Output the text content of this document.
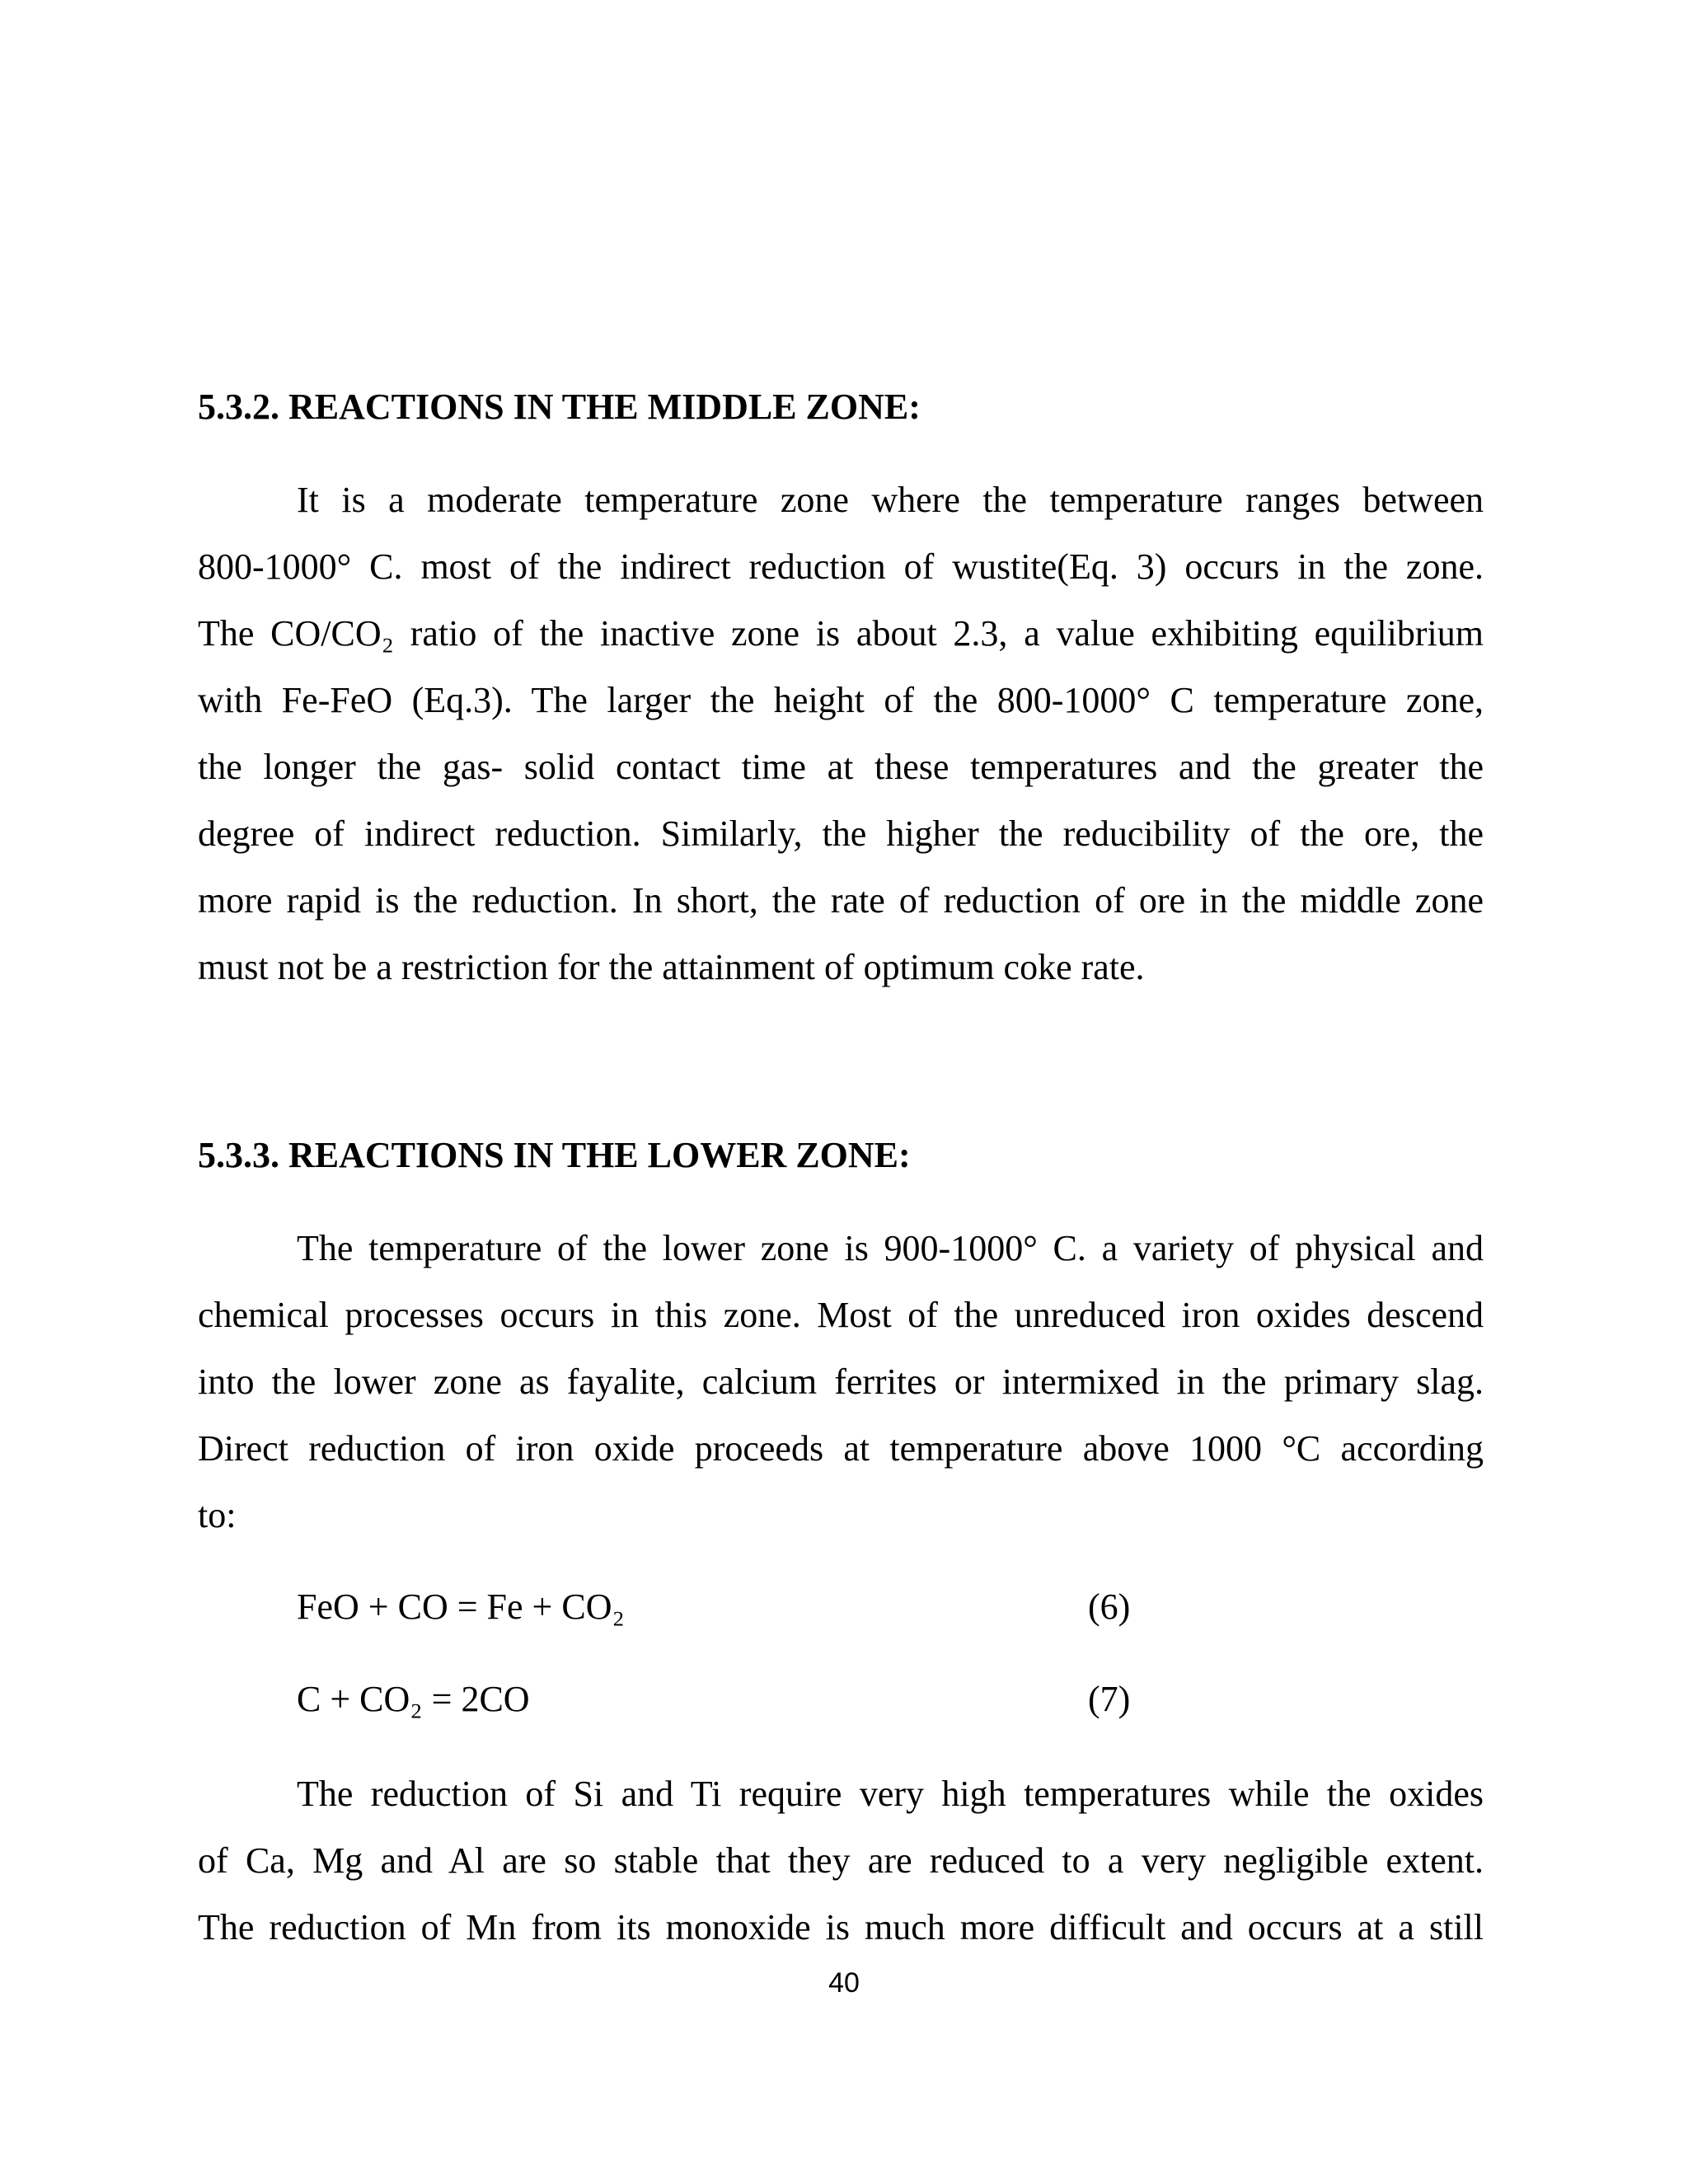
5.3.2. REACTIONS IN THE MIDDLE ZONE:

It is a moderate temperature zone where the temperature ranges between
800-1000° C. most of the indirect reduction of wustite(Eq. 3) occurs in the zone.
The CO/CO₂ ratio of the inactive zone is about 2.3, a value exhibiting equilibrium
with Fe-FeO (Eq.3). The larger the height of the 800-1000° C temperature zone,
the longer the gas- solid contact time at these temperatures and the greater the
degree of indirect reduction. Similarly, the higher the reducibility of the ore, the
more rapid is the reduction. In short, the rate of reduction of ore in the middle zone
must not be a restriction for the attainment of optimum coke rate.

5.3.3. REACTIONS IN THE LOWER ZONE:

The temperature of the lower zone is 900-1000° C. a variety of physical and
chemical processes occurs in this zone. Most of the unreduced iron oxides descend
into the lower zone as fayalite, calcium ferrites or intermixed in the primary slag.
Direct reduction of iron oxide proceeds at temperature above 1000 °C according
to:

FeO + CO = Fe + CO₂	(6)
C + CO₂ = 2CO	(7)

The reduction of Si and Ti require very high temperatures while the oxides
of Ca, Mg and Al are so stable that they are reduced to a very negligible extent.
The reduction of Mn from its monoxide is much more difficult and occurs at a still

40
